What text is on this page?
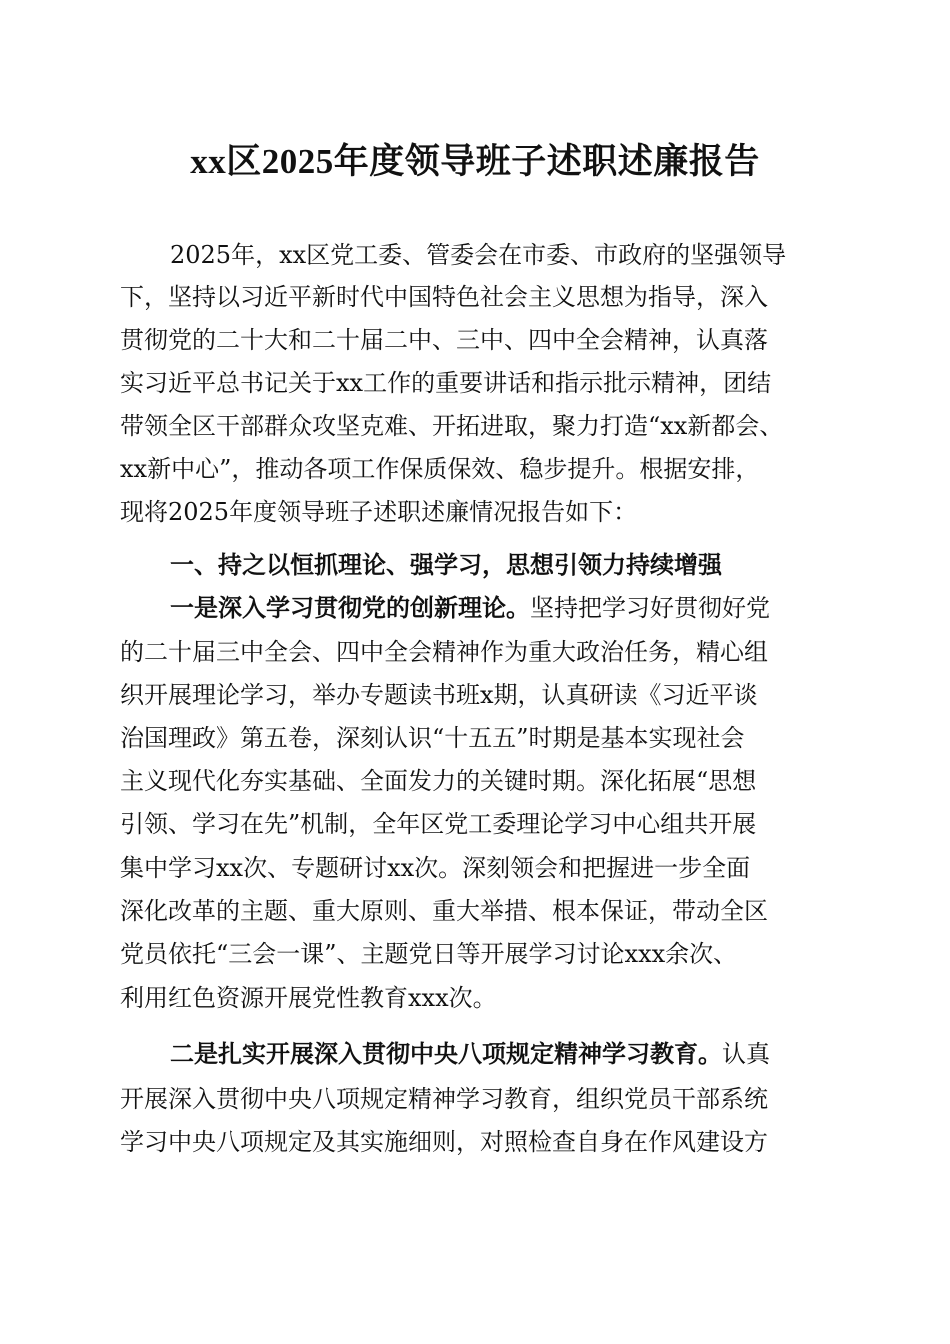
xx区2025年度领导班子述职述廉报告

2025年，xx区党工委、管委会在市委、市政府的坚强领导

下，坚持以习近平新时代中国特色社会主义思想为指导，深入

贯彻党的二十大和二十届二中、三中、四中全会精神，认真落

实习近平总书记关于xx工作的重要讲话和指示批示精神，团结

带领全区干部群众攻坚克难、开拓进取，聚力打造“xx新都会、

xx新中心”，推动各项工作保质保效、稳步提升。根据安排，

现将2025年度领导班子述职述廉情况报告如下：

一、持之以恒抓理论、强学习，思想引领力持续增强

一是深入学习贯彻党的创新理论。坚持把学习好贯彻好党

的二十届三中全会、四中全会精神作为重大政治任务，精心组

织开展理论学习，举办专题读书班x期，认真研读《习近平谈

治国理政》第五卷，深刻认识“十五五”时期是基本实现社会

主义现代化夯实基础、全面发力的关键时期。深化拓展“思想

引领、学习在先”机制，全年区党工委理论学习中心组共开展

集中学习xx次、专题研讨xx次。深刻领会和把握进一步全面

深化改革的主题、重大原则、重大举措、根本保证，带动全区

党员依托“三会一课”、主题党日等开展学习讨论xxx余次、

利用红色资源开展党性教育xxx次。

二是扎实开展深入贯彻中央八项规定精神学习教育。认真

开展深入贯彻中央八项规定精神学习教育，组织党员干部系统

学习中央八项规定及其实施细则，对照检查自身在作风建设方
